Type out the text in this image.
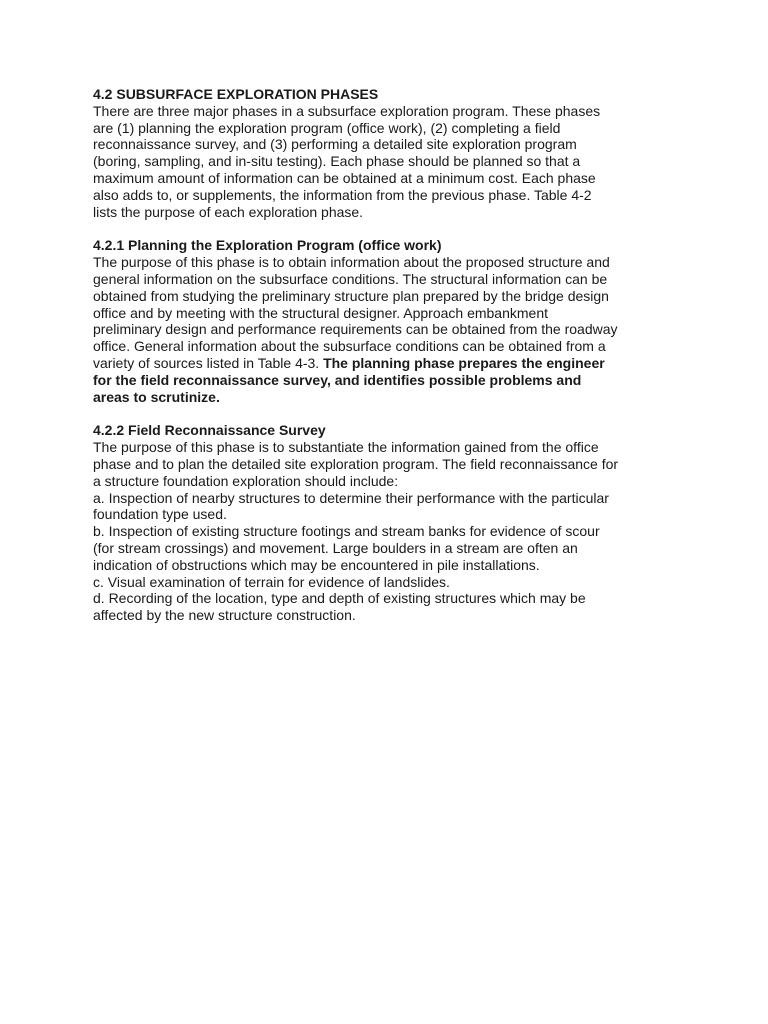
4.2 SUBSURFACE EXPLORATION PHASES
There are three major phases in a subsurface exploration program. These phases
are (1) planning the exploration program (office work), (2) completing a field
reconnaissance survey, and (3) performing a detailed site exploration program
(boring, sampling, and in-situ testing). Each phase should be planned so that a
maximum amount of information can be obtained at a minimum cost. Each phase
also adds to, or supplements, the information from the previous phase. Table 4-2
lists the purpose of each exploration phase.
4.2.1 Planning the Exploration Program (office work)
The purpose of this phase is to obtain information about the proposed structure and
general information on the subsurface conditions. The structural information can be
obtained from studying the preliminary structure plan prepared by the bridge design
office and by meeting with the structural designer. Approach embankment
preliminary design and performance requirements can be obtained from the roadway
office. General information about the subsurface conditions can be obtained from a
variety of sources listed in Table 4-3. The planning phase prepares the engineer
for the field reconnaissance survey, and identifies possible problems and
areas to scrutinize.
4.2.2 Field Reconnaissance Survey
The purpose of this phase is to substantiate the information gained from the office
phase and to plan the detailed site exploration program. The field reconnaissance for
a structure foundation exploration should include:
a. Inspection of nearby structures to determine their performance with the particular
foundation type used.
b. Inspection of existing structure footings and stream banks for evidence of scour
(for stream crossings) and movement. Large boulders in a stream are often an
indication of obstructions which may be encountered in pile installations.
c. Visual examination of terrain for evidence of landslides.
d. Recording of the location, type and depth of existing structures which may be
affected by the new structure construction.
